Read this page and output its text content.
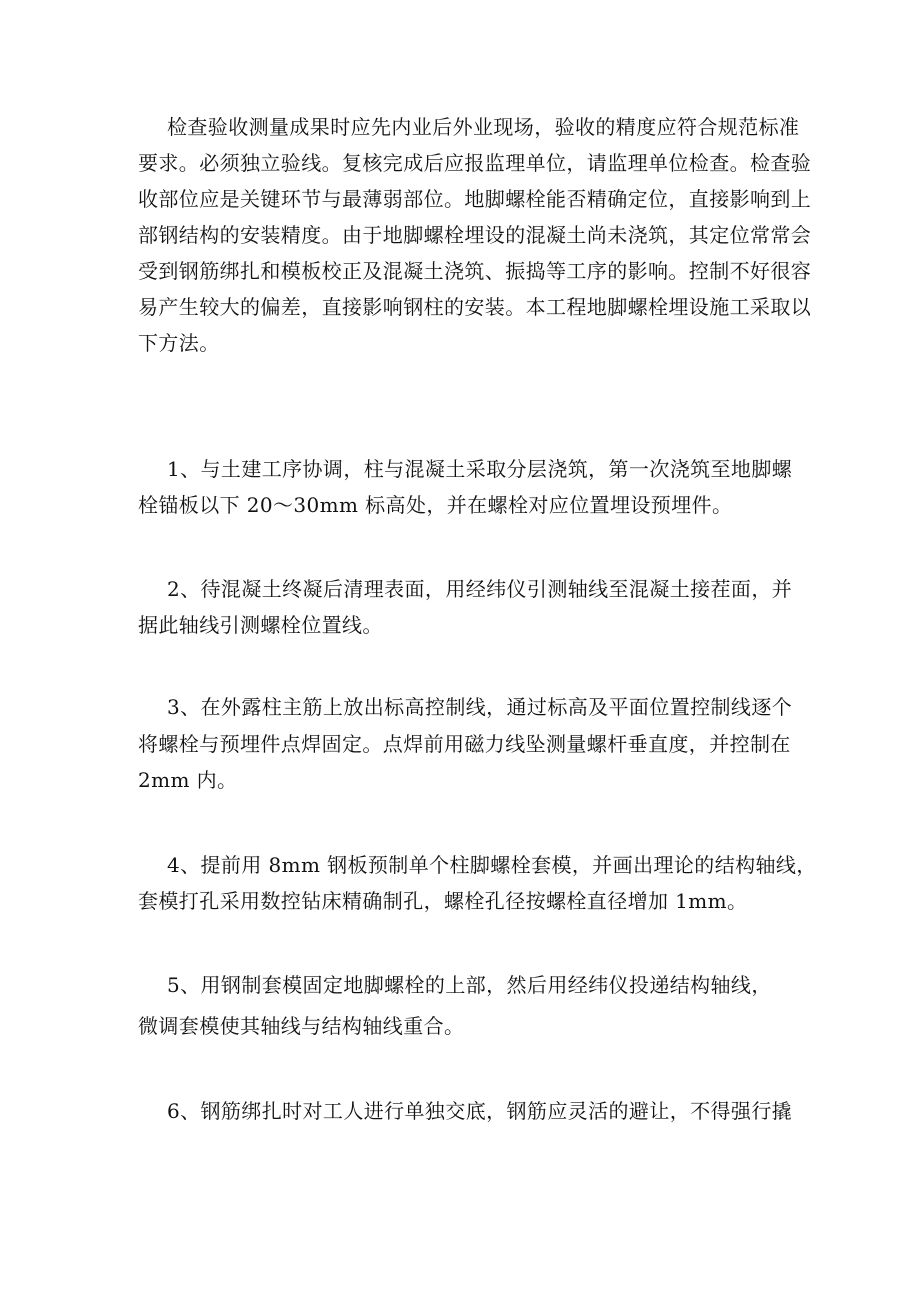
检查验收测量成果时应先内业后外业现场，验收的精度应符合规范标准
要求。必须独立验线。复核完成后应报监理单位，请监理单位检查。检查验
收部位应是关键环节与最薄弱部位。地脚螺栓能否精确定位，直接影响到上
部钢结构的安装精度。由于地脚螺栓埋设的混凝土尚未浇筑，其定位常常会
受到钢筋绑扎和模板校正及混凝土浇筑、振捣等工序的影响。控制不好很容
易产生较大的偏差，直接影响钢柱的安装。本工程地脚螺栓埋设施工采取以
下方法。
1、与土建工序协调，柱与混凝土采取分层浇筑，第一次浇筑至地脚螺
栓锚板以下 20～30mm 标高处，并在螺栓对应位置埋设预埋件。
2、待混凝土终凝后清理表面，用经纬仪引测轴线至混凝土接茬面，并
据此轴线引测螺栓位置线。
3、在外露柱主筋上放出标高控制线，通过标高及平面位置控制线逐个
将螺栓与预埋件点焊固定。点焊前用磁力线坠测量螺杆垂直度，并控制在
2mm 内。
4、提前用 8mm 钢板预制单个柱脚螺栓套模，并画出理论的结构轴线，
套模打孔采用数控钻床精确制孔，螺栓孔径按螺栓直径增加 1mm。
5、用钢制套模固定地脚螺栓的上部，然后用经纬仪投递结构轴线，
微调套模使其轴线与结构轴线重合。
6、钢筋绑扎时对工人进行单独交底，钢筋应灵活的避让，不得强行撬
